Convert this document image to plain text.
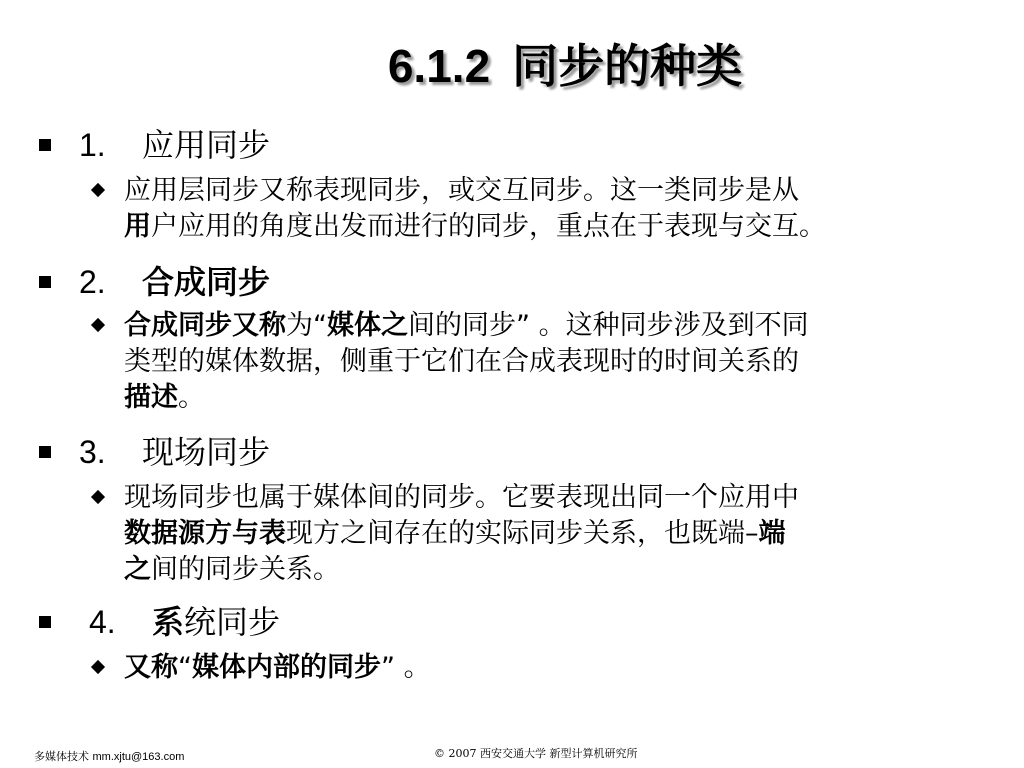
6.1.2 同步的种类
1. 应用同步
应用层同步又称表现同步，或交互同步。这一类同步是从
用户应用的角度出发而进行的同步，重点在于表现与交互。
2. 合成同步
合成同步又称为“媒体之间的同步” 。这种同步涉及到不同
类型的媒体数据，侧重于它们在合成表现时的时间关系的
描述。
3. 现场同步
现场同步也属于媒体间的同步。它要表现出同一个应用中
数据源方与表现方之间存在的实际同步关系，也既端–端
之间的同步关系。
4. 系统同步
又称“媒体内部的同步” 。
多媒体技术 mm.xjtu@163.com	© 2007 西安交通大学 新型计算机研究所
